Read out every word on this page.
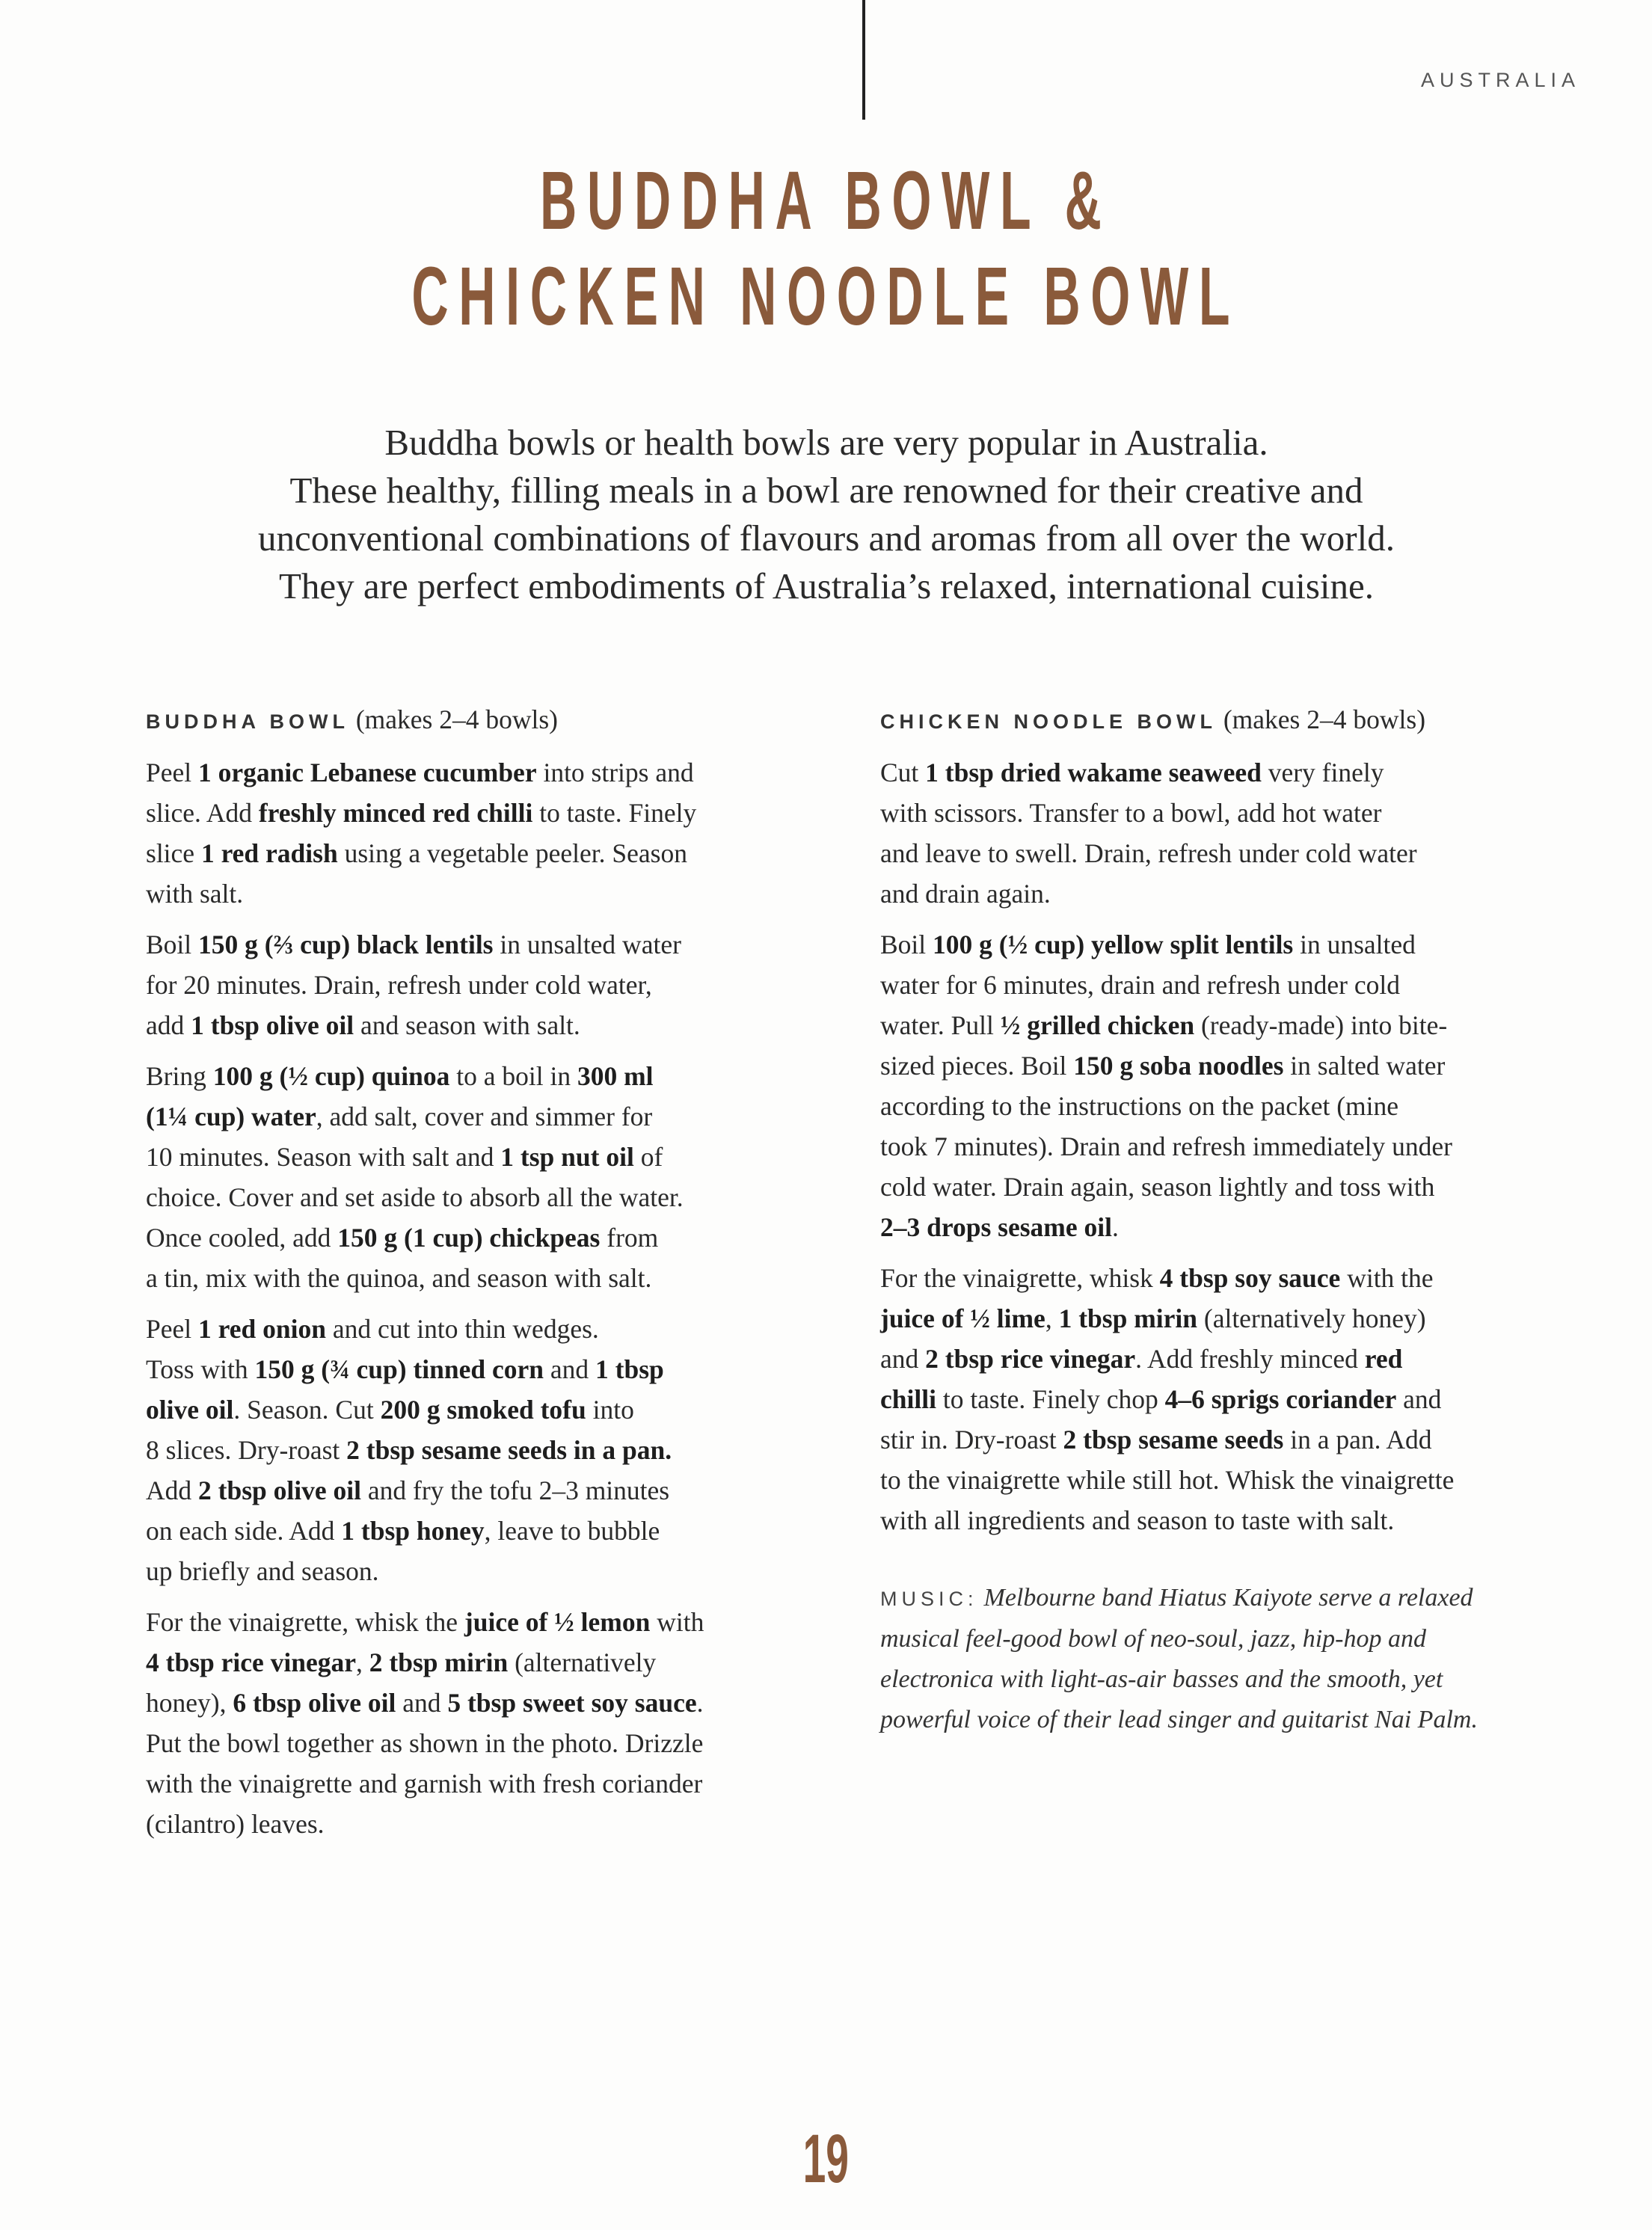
AUSTRALIA
BUDDHA BOWL &
CHICKEN NOODLE BOWL
Buddha bowls or health bowls are very popular in Australia.
These healthy, filling meals in a bowl are renowned for their creative and
unconventional combinations of flavours and aromas from all over the world.
They are perfect embodiments of Australia’s relaxed, international cuisine.

BUDDHA BOWL (makes 2–4 bowls)

Peel 1 organic Lebanese cucumber into strips and
slice. Add freshly minced red chilli to taste. Finely
slice 1 red radish using a vegetable peeler. Season
with salt.

Boil 150 g (⅔ cup) black lentils in unsalted water
for 20 minutes. Drain, refresh under cold water,
add 1 tbsp olive oil and season with salt.

Bring 100 g (½ cup) quinoa to a boil in 300 ml
(1¼ cup) water, add salt, cover and simmer for
10 minutes. Season with salt and 1 tsp nut oil of
choice. Cover and set aside to absorb all the water.
Once cooled, add 150 g (1 cup) chickpeas from
a tin, mix with the quinoa, and season with salt.

Peel 1 red onion and cut into thin wedges.
Toss with 150 g (¾ cup) tinned corn and 1 tbsp
olive oil. Season. Cut 200 g smoked tofu into
8 slices. Dry-roast 2 tbsp sesame seeds in a pan.
Add 2 tbsp olive oil and fry the tofu 2–3 minutes
on each side. Add 1 tbsp honey, leave to bubble
up briefly and season.

For the vinaigrette, whisk the juice of ½ lemon with
4 tbsp rice vinegar, 2 tbsp mirin (alternatively
honey), 6 tbsp olive oil and 5 tbsp sweet soy sauce.
Put the bowl together as shown in the photo. Drizzle
with the vinaigrette and garnish with fresh coriander
(cilantro) leaves.

CHICKEN NOODLE BOWL (makes 2–4 bowls)

Cut 1 tbsp dried wakame seaweed very finely
with scissors. Transfer to a bowl, add hot water
and leave to swell. Drain, refresh under cold water
and drain again.

Boil 100 g (½ cup) yellow split lentils in unsalted
water for 6 minutes, drain and refresh under cold
water. Pull ½ grilled chicken (ready-made) into bite-
sized pieces. Boil 150 g soba noodles in salted water
according to the instructions on the packet (mine
took 7 minutes). Drain and refresh immediately under
cold water. Drain again, season lightly and toss with
2–3 drops sesame oil.

For the vinaigrette, whisk 4 tbsp soy sauce with the
juice of ½ lime, 1 tbsp mirin (alternatively honey)
and 2 tbsp rice vinegar. Add freshly minced red
chilli to taste. Finely chop 4–6 sprigs coriander and
stir in. Dry-roast 2 tbsp sesame seeds in a pan. Add
to the vinaigrette while still hot. Whisk the vinaigrette
with all ingredients and season to taste with salt.

MUSIC: Melbourne band Hiatus Kaiyote serve a relaxed
musical feel-good bowl of neo-soul, jazz, hip-hop and
electronica with light-as-air basses and the smooth, yet
powerful voice of their lead singer and guitarist Nai Palm.
19
